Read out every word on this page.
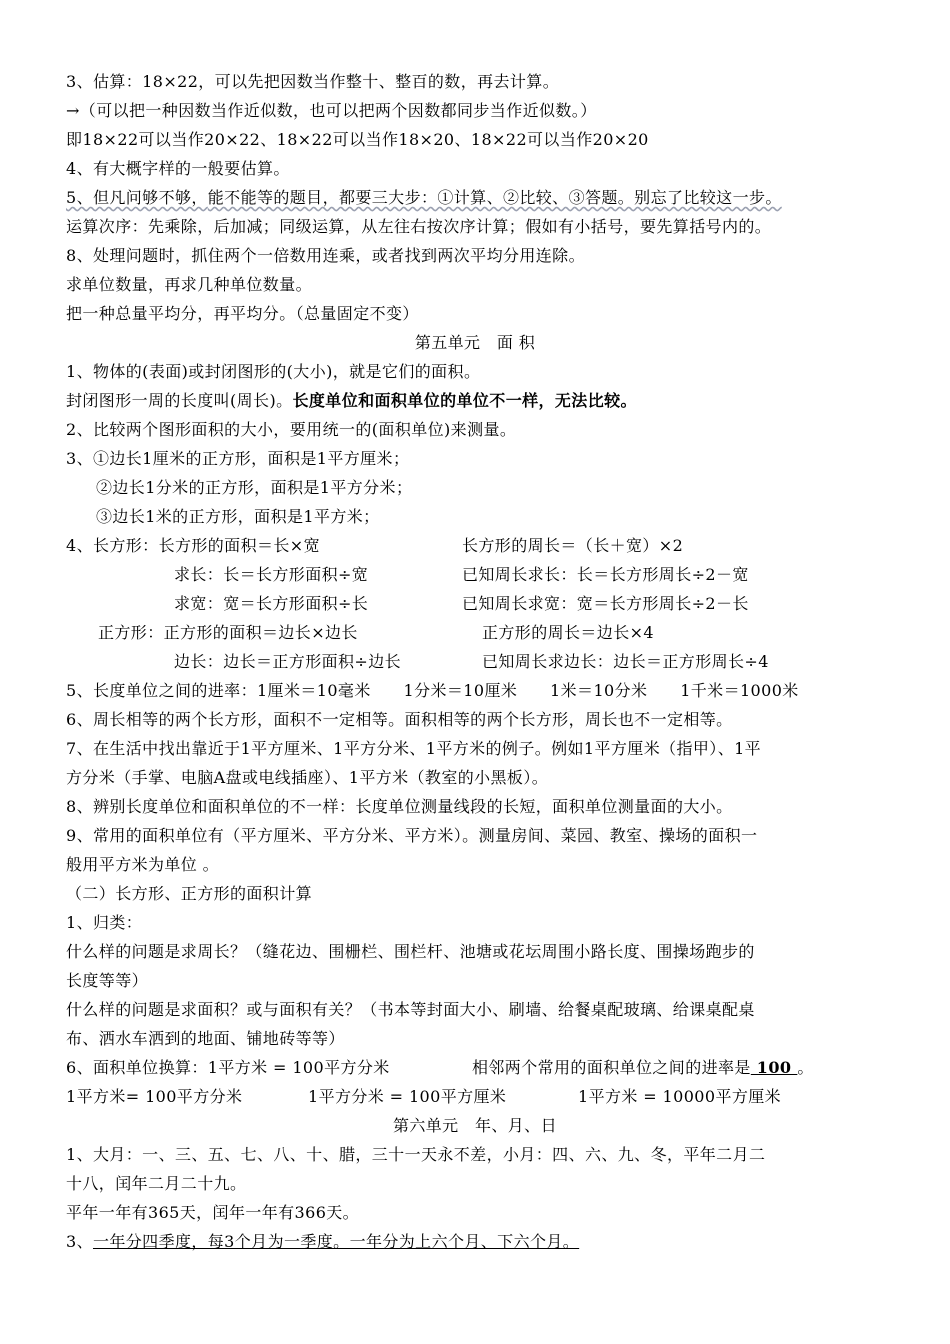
3、估算：18×22，可以先把因数当作整十、整百的数，再去计算。
→（可以把一种因数当作近似数，也可以把两个因数都同步当作近似数。）
即18×22可以当作20×22、18×22可以当作18×20、18×22可以当作20×20
4、有大概字样的一般要估算。
5、但凡问够不够，能不能等的题目，都要三大步：①计算、②比较、③答题。别忘了比较这一步。
运算次序：先乘除，后加减；同级运算，从左往右按次序计算；假如有小括号，要先算括号内的。
8、处理问题时，抓住两个一倍数用连乘，或者找到两次平均分用连除。
求单位数量，再求几种单位数量。
把一种总量平均分，再平均分。（总量固定不变）
第五单元　面 积
1、物体的(表面)或封闭图形的(大小)，就是它们的面积。
封闭图形一周的长度叫(周长)。长度单位和面积单位的单位不一样，无法比较。
2、比较两个图形面积的大小，要用统一的(面积单位)来测量。
3、①边长1厘米的正方形，面积是1平方厘米；
②边长1分米的正方形，面积是1平方分米；
③边长1米的正方形，面积是1平方米；
4、长方形：长方形的面积＝长×宽	长方形的周长＝（长＋宽）×2
求长：长＝长方形面积÷宽	已知周长求长：长＝长方形周长÷2－宽
求宽：宽＝长方形面积÷长	已知周长求宽：宽＝长方形周长÷2－长
正方形：正方形的面积＝边长×边长	正方形的周长＝边长×4
边长：边长＝正方形面积÷边长	已知周长求边长：边长＝正方形周长÷4
5、长度单位之间的进率：1厘米＝10毫米　　1分米＝10厘米　　1米＝10分米　　1千米＝1000米
6、周长相等的两个长方形，面积不一定相等。面积相等的两个长方形，周长也不一定相等。
7、在生活中找出靠近于1平方厘米、1平方分米、1平方米的例子。例如1平方厘米（指甲）、1平
方分米（手掌、电脑A盘或电线插座）、1平方米（教室的小黑板）。
8、辨别长度单位和面积单位的不一样：长度单位测量线段的长短，面积单位测量面的大小。
9、常用的面积单位有（平方厘米、平方分米、平方米）。测量房间、菜园、教室、操场的面积一
般用平方米为单位 。
（二）长方形、正方形的面积计算
1、归类：
什么样的问题是求周长？（缝花边、围栅栏、围栏杆、池塘或花坛周围小路长度、围操场跑步的
长度等等）
什么样的问题是求面积？或与面积有关？（书本等封面大小、刷墙、给餐桌配玻璃、给课桌配桌
布、洒水车洒到的地面、铺地砖等等）
6、面积单位换算：1平方米 = 100平方分米	相邻两个常用的面积单位之间的进率是 100 。
1平方米= 100平方分米	1平方分米 = 100平方厘米	1平方米 = 10000平方厘米
第六单元　年、月、日
1、大月：一、三、五、七、八、十、腊，三十一天永不差，小月：四、六、九、冬，平年二月二
十八，闰年二月二十九。
平年一年有365天，闰年一年有366天。
3、一年分四季度，每3个月为一季度。一年分为上六个月、下六个月。
